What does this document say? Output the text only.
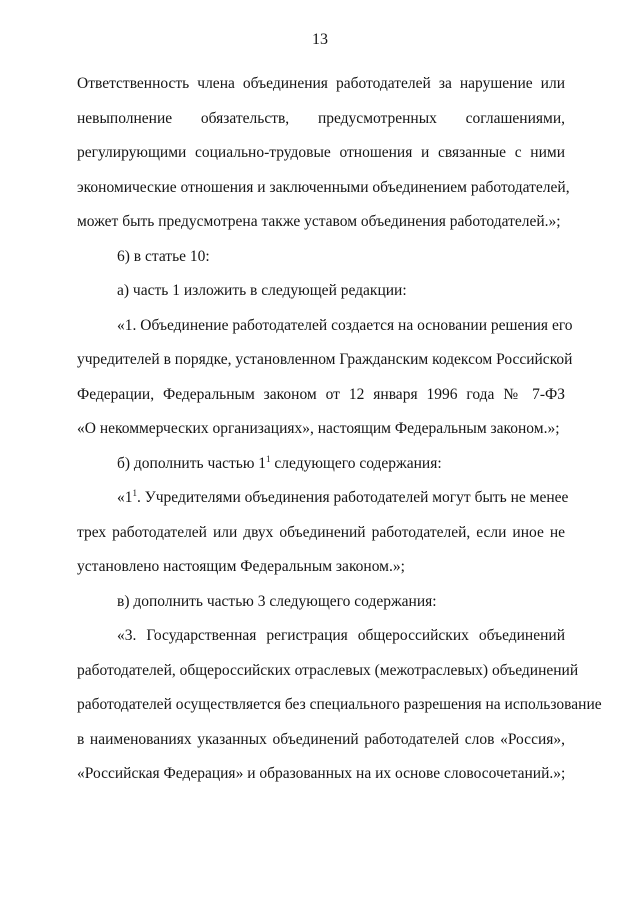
13

Ответственность члена объединения работодателей за нарушение или
невыполнение обязательств, предусмотренных соглашениями,
регулирующими социально-трудовые отношения и связанные с ними
экономические отношения и заключенными объединением работодателей,
может быть предусмотрена также уставом объединения работодателей.»;

6) в статье 10:

а) часть 1 изложить в следующей редакции:

«1. Объединение работодателей создается на основании решения его
учредителей в порядке, установленном Гражданским кодексом Российской
Федерации, Федеральным законом от 12 января 1996 года № 7-ФЗ
«О некоммерческих организациях», настоящим Федеральным законом.»;

б) дополнить частью $1^1$ следующего содержания:

«$1^1$. Учредителями объединения работодателей могут быть не менее
трех работодателей или двух объединений работодателей, если иное не
установлено настоящим Федеральным законом.»;

в) дополнить частью 3 следующего содержания:

«3. Государственная регистрация общероссийских объединений
работодателей, общероссийских отраслевых (межотраслевых) объединений
работодателей осуществляется без специального разрешения на использование
в наименованиях указанных объединений работодателей слов «Россия»,
«Российская Федерация» и образованных на их основе словосочетаний.»;
